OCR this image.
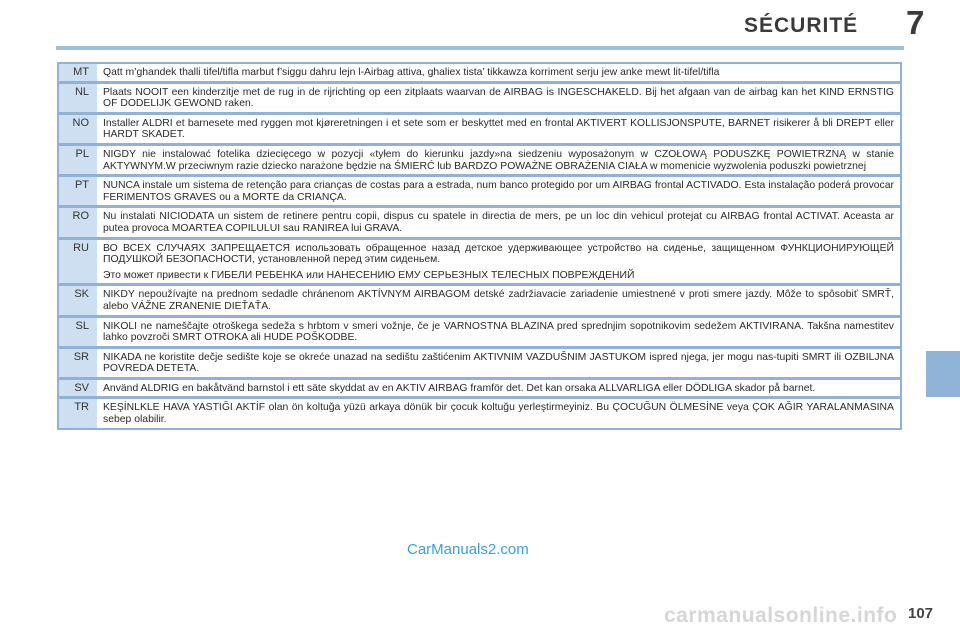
SÉCURITÉ 7
MT	Qatt m’ghandek thalli tifel/tifla marbut f’siggu dahru lejn l-Airbag attiva, ghaliex tista’ tikkawza korriment serju jew anke mewt lit-tifel/tifla

NL	Plaats NOOIT een kinderzitje met de rug in de rijrichting op een zitplaats waarvan de AIRBAG is INGESCHAKELD. Bij het afgaan van de airbag kan het KIND ERNSTIG OF DODELIJK GEWOND raken.

NO	Installer ALDRI et barnesete med ryggen mot kjøreretningen i et sete som er beskyttet med en frontal AKTIVERT KOLLISJONSPUTE, BARNET risikerer å bli DREPT eller HARDT SKADET.

PL	NIGDY nie instalować fotelika dziecięcego w pozycji «tyłem do kierunku jazdy»na siedzeniu wyposażonym w CZOŁOWĄ PODUSZKĘ POWIETRZNĄ w stanie AKTYWNYM.W przeciwnym razie dziecko narażone będzie na ŚMIERĆ lub BARDZO POWAŻNE OBRAŻENIA CIAŁA w momenicie wyzwolenia poduszki powietrznej

PT	NUNCA instale um sistema de retenção para crianças de costas para a estrada, num banco protegido por um AIRBAG frontal ACTIVADO. Esta instalação poderá provocar FERIMENTOS GRAVES ou a MORTE da CRIANÇA.

RO	Nu instalati NICIODATA un sistem de retinere pentru copii, dispus cu spatele in directia de mers, pe un loc din vehicul protejat cu AIRBAG frontal ACTIVAT. Aceasta ar putea provoca MOARTEA COPILULUI sau RANIREA lui GRAVA.

RU	ВО ВСЕХ СЛУЧАЯХ ЗАПРЕЩАЕТСЯ использовать обращенное назад детское удерживающее устройство на сиденье, защищенном ФУНКЦИОНИРУЮЩЕЙ ПОДУШКОЙ БЕЗОПАСНОСТИ, установленной перед этим сиденьем.

Это может привести к ГИБЕЛИ РЕБЕНКА или НАНЕСЕНИЮ ЕМУ СЕРЬЕЗНЫХ ТЕЛЕСНЫХ ПОВРЕЖДЕНИЙ

SK	NIKDY nepoužívajte na prednom sedadle chránenom AKTÍVNYM AIRBAGOM detské zadržiavacie zariadenie umiestnené v proti smere jazdy. Môže to spôsobiť SMRŤ, alebo VÁŽNE ZRANENIE DIEŤAŤA.

SL	NIKOLI ne nameščajte otroškega sedeža s hrbtom v smeri vožnje, če je VARNOSTNA BLAZINA pred sprednjim sopotnikovim sedežem AKTIVIRANA. Takšna namestitev lahko povzroči SMRT OTROKA ali HUDE POŠKODBE.

SR	NIKADA ne koristite dečje sedište koje se okreće unazad na sedištu zaštićenim AKTIVNIM VAZDUŠNIM JASTUKOM ispred njega, jer mogu nas-tupiti SMRT ili OZBILJNA POVREDA DETETA.

SV	Använd ALDRIG en bakåtvänd barnstol i ett säte skyddat av en AKTIV AIRBAG framför det. Det kan orsaka ALLVARLIGA eller DÖDLIGA skador på barnet.

TR	KEŞİNLKLE HAVA YASTIĞI AKTİF olan ön koltuğa yüzü arkaya dönük bir çocuk koltuğu yerleştirmeyiniz. Bu ÇOCUĞUN ÖLMESİNE veya ÇOK AĞIR YARALANMASINA sebep olabilir.

CarManuals2.com
carmanualsonline.info 107
